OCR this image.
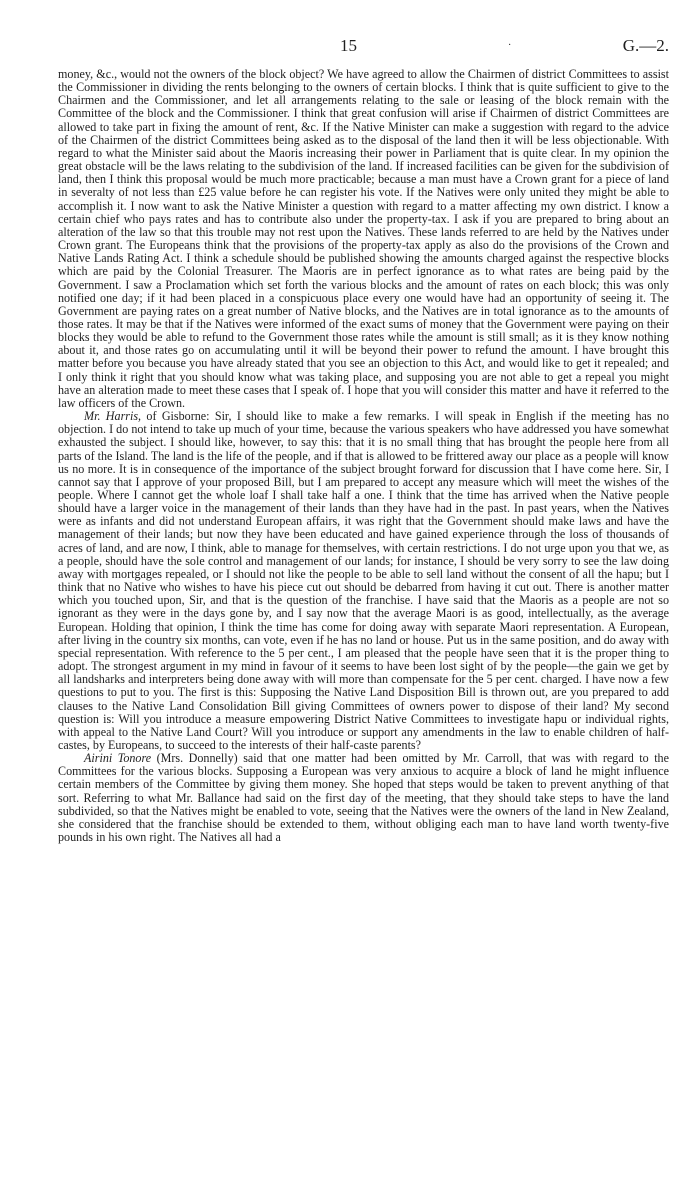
15	·	G.—2.

money, &c., would not the owners of the block object? We have agreed to allow the Chairmen of district Committees to assist the Commissioner in dividing the rents belonging to the owners of certain blocks. I think that is quite sufficient to give to the Chairmen and the Commissioner, and let all arrangements relating to the sale or leasing of the block remain with the Committee of the block and the Commissioner. I think that great confusion will arise if Chairmen of district Committees are allowed to take part in fixing the amount of rent, &c. If the Native Minister can make a suggestion with regard to the advice of the Chairmen of the district Committees being asked as to the disposal of the land then it will be less objectionable. With regard to what the Minister said about the Maoris increasing their power in Parliament that is quite clear. In my opinion the great obstacle will be the laws relating to the subdivision of the land. If increased facilities can be given for the subdivision of land, then I think this proposal would be much more practicable; because a man must have a Crown grant for a piece of land in severalty of not less than £25 value before he can register his vote. If the Natives were only united they might be able to accomplish it. I now want to ask the Native Minister a question with regard to a matter affecting my own district. I know a certain chief who pays rates and has to contribute also under the property-tax. I ask if you are prepared to bring about an alteration of the law so that this trouble may not rest upon the Natives. These lands referred to are held by the Natives under Crown grant. The Europeans think that the provisions of the property-tax apply as also do the provisions of the Crown and Native Lands Rating Act. I think a schedule should be published showing the amounts charged against the respective blocks which are paid by the Colonial Treasurer. The Maoris are in perfect ignorance as to what rates are being paid by the Government. I saw a Proclamation which set forth the various blocks and the amount of rates on each block; this was only notified one day; if it had been placed in a conspicuous place every one would have had an opportunity of seeing it. The Government are paying rates on a great number of Native blocks, and the Natives are in total ignorance as to the amounts of those rates. It may be that if the Natives were informed of the exact sums of money that the Government were paying on their blocks they would be able to refund to the Government those rates while the amount is still small; as it is they know nothing about it, and those rates go on accumulating until it will be beyond their power to refund the amount. I have brought this matter before you because you have already stated that you see an objection to this Act, and would like to get it repealed; and I only think it right that you should know what was taking place, and supposing you are not able to get a repeal you might have an alteration made to meet these cases that I speak of. I hope that you will consider this matter and have it referred to the law officers of the Crown.

Mr. Harris, of Gisborne: Sir, I should like to make a few remarks. I will speak in English if the meeting has no objection. I do not intend to take up much of your time, because the various speakers who have addressed you have somewhat exhausted the subject. I should like, however, to say this: that it is no small thing that has brought the people here from all parts of the Island. The land is the life of the people, and if that is allowed to be frittered away our place as a people will know us no more. It is in consequence of the importance of the subject brought forward for discussion that I have come here. Sir, I cannot say that I approve of your proposed Bill, but I am prepared to accept any measure which will meet the wishes of the people. Where I cannot get the whole loaf I shall take half a one. I think that the time has arrived when the Native people should have a larger voice in the management of their lands than they have had in the past. In past years, when the Natives were as infants and did not understand European affairs, it was right that the Government should make laws and have the management of their lands; but now they have been educated and have gained experience through the loss of thousands of acres of land, and are now, I think, able to manage for themselves, with certain restrictions. I do not urge upon you that we, as a people, should have the sole control and management of our lands; for instance, I should be very sorry to see the law doing away with mortgages repealed, or I should not like the people to be able to sell land without the consent of all the hapu; but I think that no Native who wishes to have his piece cut out should be debarred from having it cut out. There is another matter which you touched upon, Sir, and that is the question of the franchise. I have said that the Maoris as a people are not so ignorant as they were in the days gone by, and I say now that the average Maori is as good, intellectually, as the average European. Holding that opinion, I think the time has come for doing away with separate Maori representation. A European, after living in the country six months, can vote, even if he has no land or house. Put us in the same position, and do away with special representation. With reference to the 5 per cent., I am pleased that the people have seen that it is the proper thing to adopt. The strongest argument in my mind in favour of it seems to have been lost sight of by the people—the gain we get by all landsharks and interpreters being done away with will more than compensate for the 5 per cent. charged. I have now a few questions to put to you. The first is this: Supposing the Native Land Disposition Bill is thrown out, are you prepared to add clauses to the Native Land Consolidation Bill giving Committees of owners power to dispose of their land? My second question is: Will you introduce a measure empowering District Native Committees to investigate hapu or individual rights, with appeal to the Native Land Court? Will you introduce or support any amendments in the law to enable children of half-castes, by Europeans, to succeed to the interests of their half-caste parents?

Airini Tonore (Mrs. Donnelly) said that one matter had been omitted by Mr. Carroll, that was with regard to the Committees for the various blocks. Supposing a European was very anxious to acquire a block of land he might influence certain members of the Committee by giving them money. She hoped that steps would be taken to prevent anything of that sort. Referring to what Mr. Ballance had said on the first day of the meeting, that they should take steps to have the land subdivided, so that the Natives might be enabled to vote, seeing that the Natives were the owners of the land in New Zealand, she considered that the franchise should be extended to them, without obliging each man to have land worth twenty-five pounds in his own right. The Natives all had a
